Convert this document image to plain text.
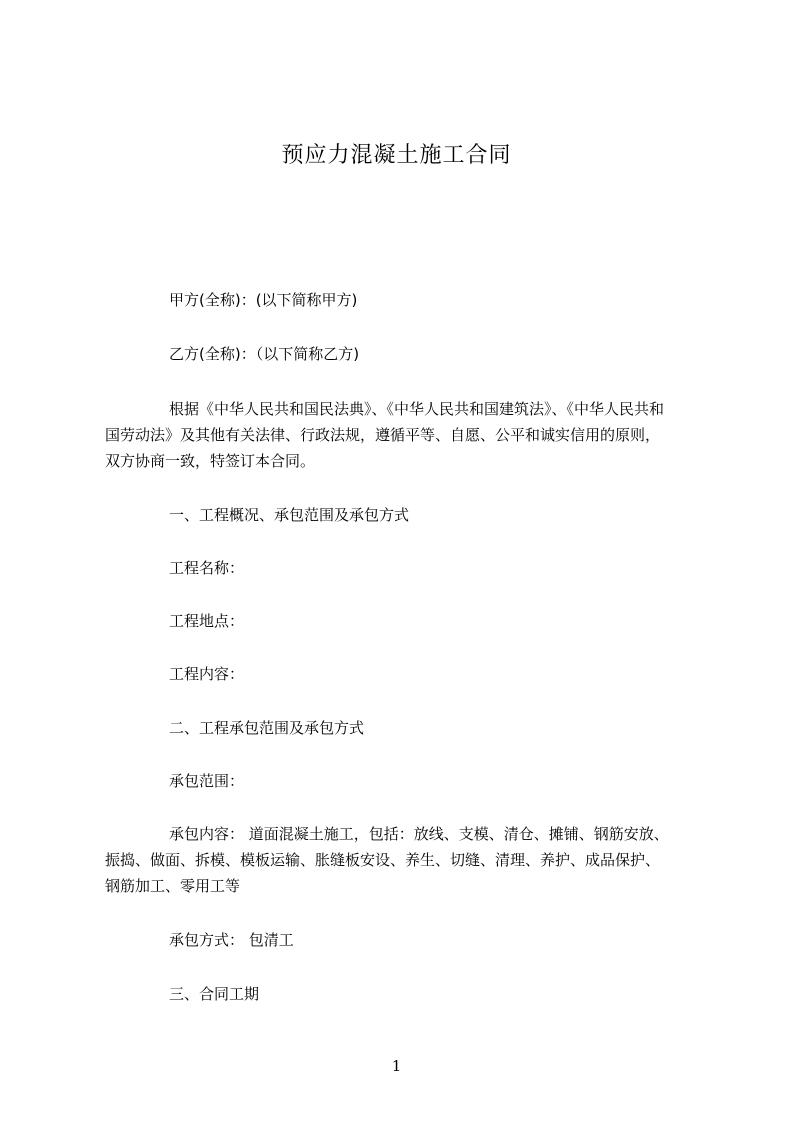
预应力混凝土施工合同
甲方(全称)：(以下简称甲方)
乙方(全称)：（以下简称乙方)
根据《中华人民共和国民法典》、《中华人民共和国建筑法》、《中华人民共和
国劳动法》及其他有关法律、行政法规，遵循平等、自愿、公平和诚实信用的原则，
双方协商一致，特签订本合同。
一、工程概况、承包范围及承包方式
工程名称：
工程地点：
工程内容：
二、工程承包范围及承包方式
承包范围：
承包内容： 道面混凝土施工，包括：放线、支模、清仓、摊铺、钢筋安放、
振捣、做面、拆模、模板运输、胀缝板安设、养生、切缝、清理、养护、成品保护、
钢筋加工、零用工等
承包方式： 包清工
三、合同工期
1
